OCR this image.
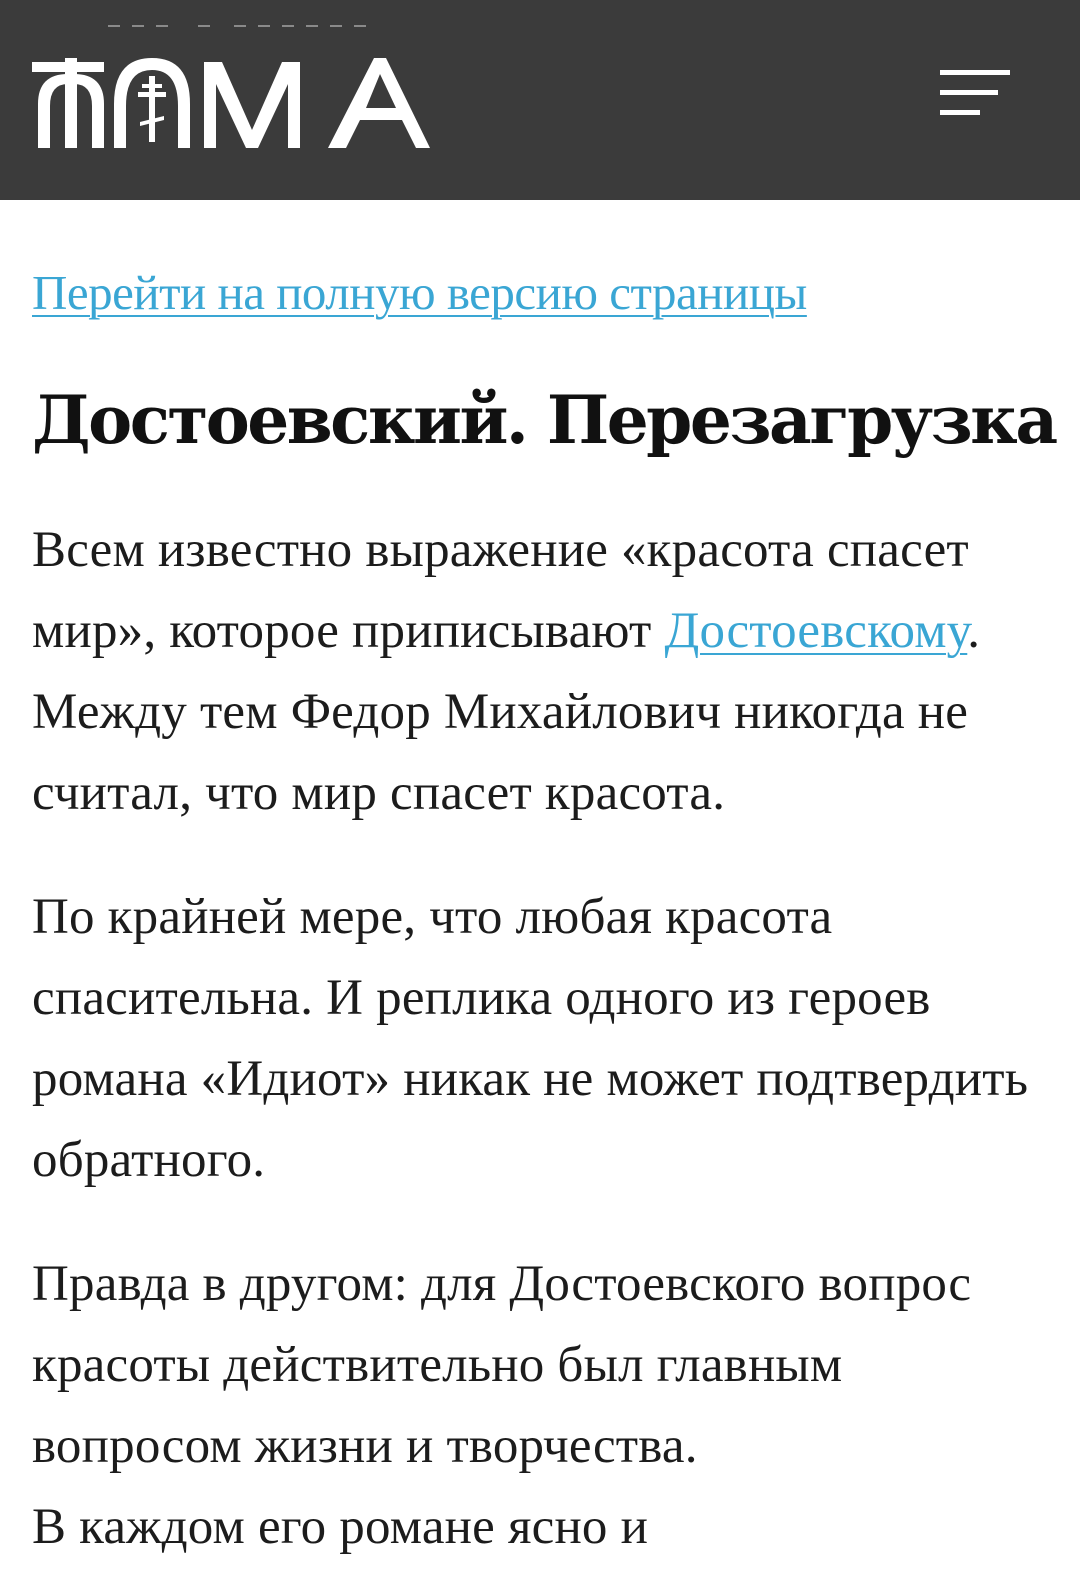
Перейти на полную версию страницы
Достоевский. Перезагрузка

Всем известно выражение «красота спасет мир», которое приписывают Достоевскому. Между тем Федор Михайлович никогда не считал, что мир спасет красота.

По крайней мере, что любая красота спасительна. И реплика одного из героев романа «Идиот» никак не может подтвердить обратного.

Правда в другом: для Достоевского вопрос красоты действительно был главным вопросом жизни и творчества.

В каждом его романе ясно и
